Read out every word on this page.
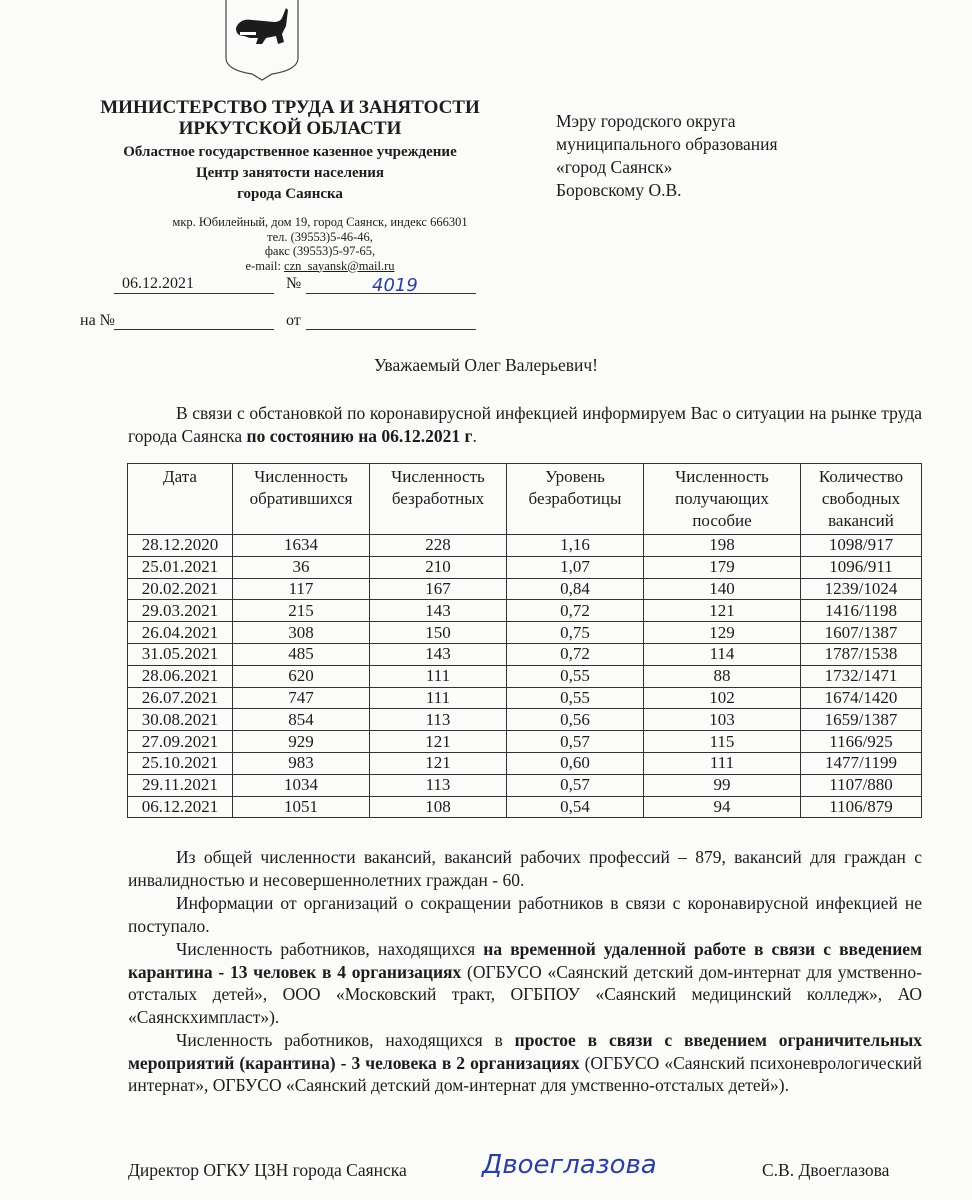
МИНИСТЕРСТВО ТРУДА И ЗАНЯТОСТИ
ИРКУТСКОЙ ОБЛАСТИ
Областное государственное казенное учреждение
Центр занятости населения
города Саянска
мкр. Юбилейный, дом 19, город Саянск, индекс 666301
тел. (39553)5-46-46,
факс (39553)5-97-65,
e-mail: czn_sayansk@mail.ru
06.12.2021	№	4019
на №	от
Мэру городского округа
муниципального образования
«город Саянск»
Боровскому О.В.
Уважаемый Олег Валерьевич!
В связи с обстановкой по коронавирусной инфекцией информируем Вас о ситуации на рынке труда города Саянска по состоянию на 06.12.2021 г.
Дата	Численность обратившихся	Численность безработных	Уровень безработицы	Численность получающих пособие	Количество свободных вакансий
28.12.2020	1634	228	1,16	198	1098/917
25.01.2021	36	210	1,07	179	1096/911
20.02.2021	117	167	0,84	140	1239/1024
29.03.2021	215	143	0,72	121	1416/1198
26.04.2021	308	150	0,75	129	1607/1387
31.05.2021	485	143	0,72	114	1787/1538
28.06.2021	620	111	0,55	88	1732/1471
26.07.2021	747	111	0,55	102	1674/1420
30.08.2021	854	113	0,56	103	1659/1387
27.09.2021	929	121	0,57	115	1166/925
25.10.2021	983	121	0,60	111	1477/1199
29.11.2021	1034	113	0,57	99	1107/880
06.12.2021	1051	108	0,54	94	1106/879
Из общей численности вакансий, вакансий рабочих профессий – 879, вакансий для граждан с инвалидностью и несовершеннолетних граждан - 60.
Информации от организаций о сокращении работников в связи с коронавирусной инфекцией не поступало.
Численность работников, находящихся на временной удаленной работе в связи с введением карантина - 13 человек в 4 организациях (ОГБУСО «Саянский детский дом-интернат для умственно-отсталых детей», ООО «Московский тракт, ОГБПОУ «Саянский медицинский колледж», АО «Саянскхимпласт»).
Численность работников, находящихся в простое в связи с введением ограничительных мероприятий (карантина) - 3 человека в 2 организациях (ОГБУСО «Саянский психоневрологический интернат», ОГБУСО «Саянский детский дом-интернат для умственно-отсталых детей»).
Директор ОГКУ ЦЗН города Саянска	Двоеглазова	С.В. Двоеглазова
